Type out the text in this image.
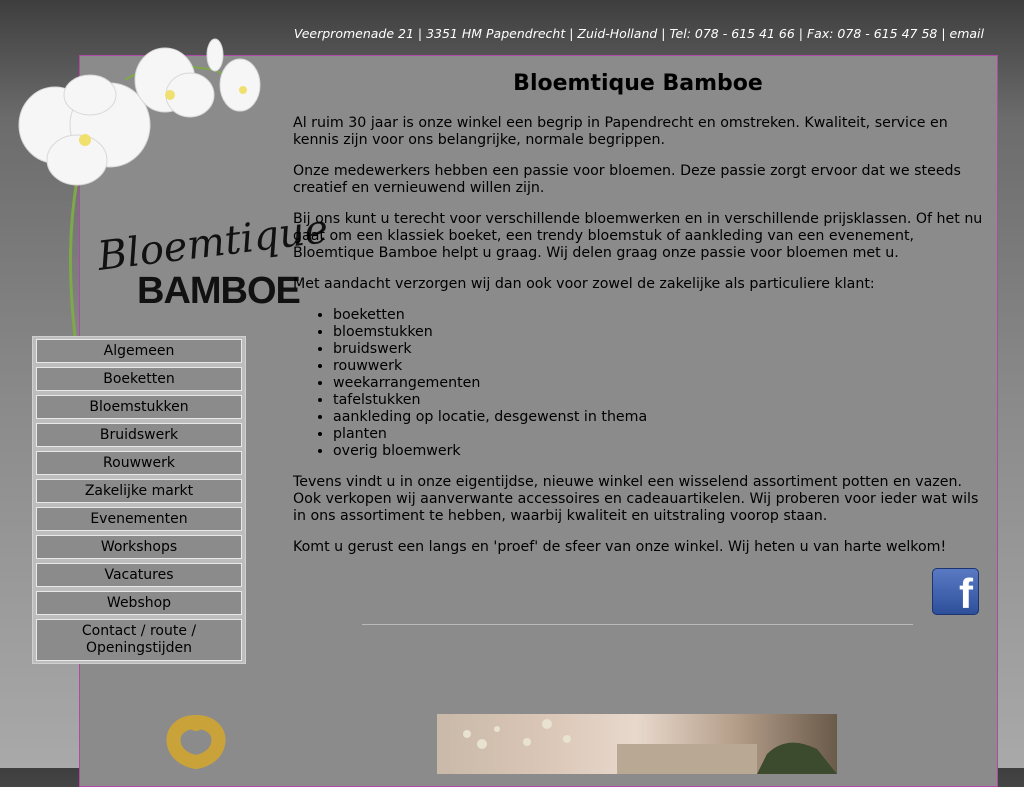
Veerpromenade 21 | 3351 HM Papendrecht | Zuid-Holland | Tel: 078 - 615 41 66 | Fax: 078 - 615 47 58 | email
Bloemtique
BAMBOE
Algemeen
Boeketten
Bloemstukken
Bruidswerk
Rouwwerk
Zakelijke markt
Evenementen
Workshops
Vacatures
Webshop
Contact / route / Openingstijden
Bloemtique Bamboe

Al ruim 30 jaar is onze winkel een begrip in Papendrecht en omstreken. Kwaliteit, service en kennis zijn voor ons belangrijke, normale begrippen.

Onze medewerkers hebben een passie voor bloemen. Deze passie zorgt ervoor dat we steeds creatief en vernieuwend willen zijn.

Bij ons kunt u terecht voor verschillende bloemwerken en in verschillende prijsklassen. Of het nu gaat om een klassiek boeket, een trendy bloemstuk of aankleding van een evenement, Bloemtique Bamboe helpt u graag. Wij delen graag onze passie voor bloemen met u.

Met aandacht verzorgen wij dan ook voor zowel de zakelijke als particuliere klant:

• boeketten
• bloemstukken
• bruidswerk
• rouwwerk
• weekarrangementen
• tafelstukken
• aankleding op locatie, desgewenst in thema
• planten
• overig bloemwerk

Tevens vindt u in onze eigentijdse, nieuwe winkel een wisselend assortiment potten en vazen. Ook verkopen wij aanverwante accessoires en cadeauartikelen. Wij proberen voor ieder wat wils in ons assortiment te hebben, waarbij kwaliteit en uitstraling voorop staan.

Komt u gerust een langs en 'proef' de sfeer van onze winkel. Wij heten u van harte welkom!

f
